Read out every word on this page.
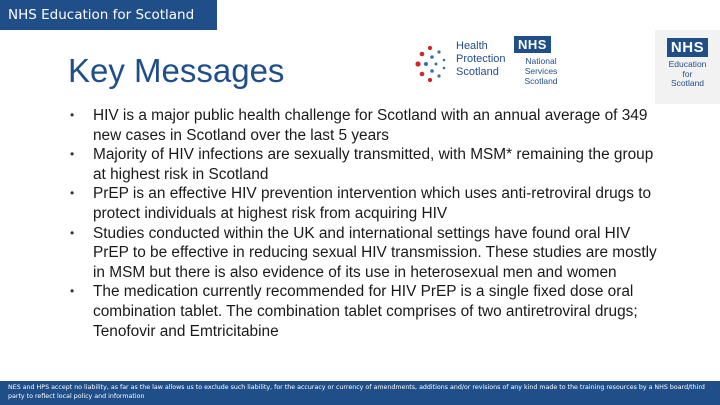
NHS Education for Scotland
Key Messages
Health
Protection
Scotland
NHS
National
Services
Scotland
NHS
Education
for
Scotland
• HIV is a major public health challenge for Scotland with an annual average of 349 new cases in Scotland over the last 5 years
• Majority of HIV infections are sexually transmitted, with MSM* remaining the group at highest risk in Scotland
• PrEP is an effective HIV prevention intervention which uses anti-retroviral drugs to protect individuals at highest risk from acquiring HIV
• Studies conducted within the UK and international settings have found oral HIV PrEP to be effective in reducing sexual HIV transmission. These studies are mostly in MSM but there is also evidence of its use in heterosexual men and women
• The medication currently recommended for HIV PrEP is a single fixed dose oral combination tablet. The combination tablet comprises of two antiretroviral drugs; Tenofovir and Emtricitabine
NES and HPS accept no liability, as far as the law allows us to exclude such liability, for the accuracy or currency of amendments, additions and/or revisions of any kind made to the training resources by a NHS board/third party to reflect local policy and information
